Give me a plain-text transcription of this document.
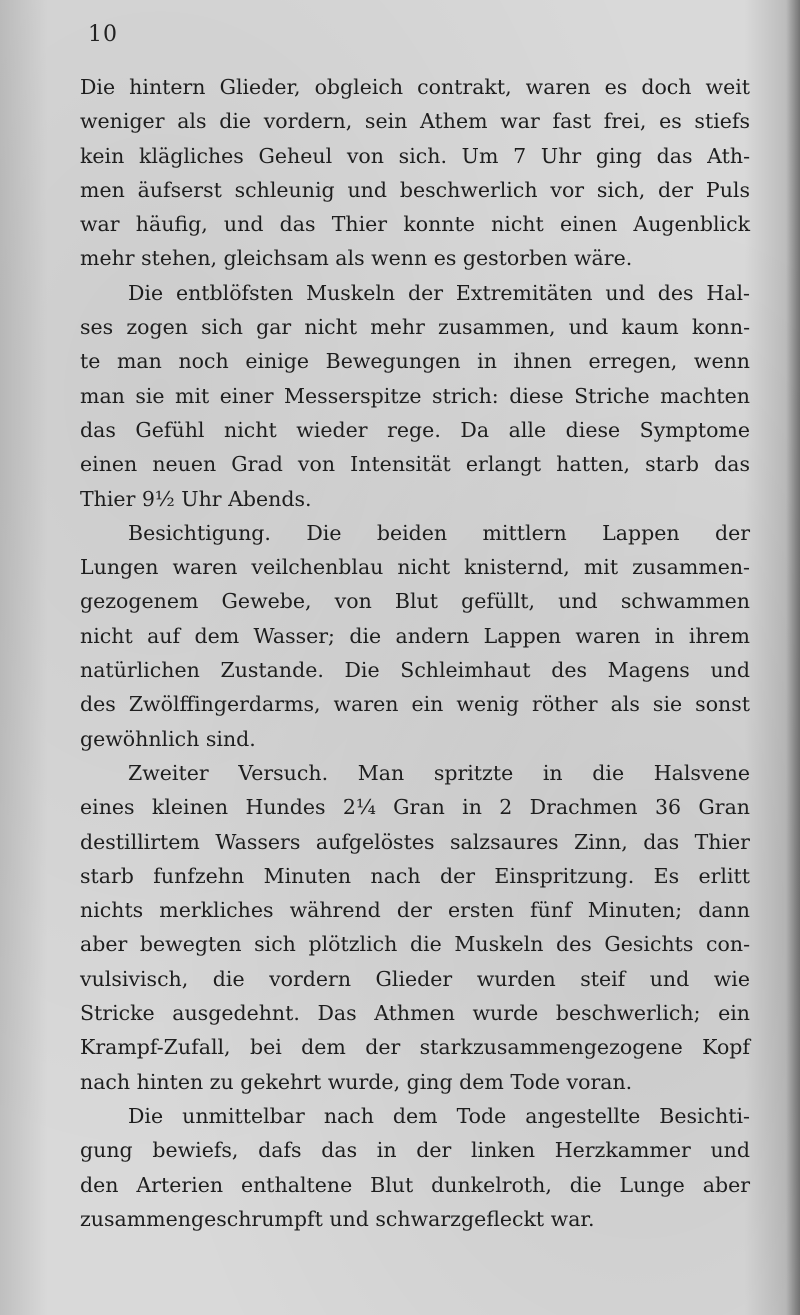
10
Die hintern Glieder, obgleich contrakt, waren es doch weit
weniger als die vordern, sein Athem war fast frei, es stiefs
kein klägliches Geheul von sich. Um 7 Uhr ging das Ath-
men äufserst schleunig und beschwerlich vor sich, der Puls
war häufig, und das Thier konnte nicht einen Augenblick
mehr stehen, gleichsam als wenn es gestorben wäre.
Die entblöfsten Muskeln der Extremitäten und des Hal-
ses zogen sich gar nicht mehr zusammen, und kaum konn-
te man noch einige Bewegungen in ihnen erregen, wenn
man sie mit einer Messerspitze strich: diese Striche machten
das Gefühl nicht wieder rege. Da alle diese Symptome
einen neuen Grad von Intensität erlangt hatten, starb das
Thier 9½ Uhr Abends.
Besichtigung. Die beiden mittlern Lappen der
Lungen waren veilchenblau nicht knisternd, mit zusammen-
gezogenem Gewebe, von Blut gefüllt, und schwammen
nicht auf dem Wasser; die andern Lappen waren in ihrem
natürlichen Zustande. Die Schleimhaut des Magens und
des Zwölffingerdarms, waren ein wenig röther als sie sonst
gewöhnlich sind.
Zweiter Versuch. Man spritzte in die Halsvene
eines kleinen Hundes 2¼ Gran in 2 Drachmen 36 Gran
destillirtem Wassers aufgelöstes salzsaures Zinn, das Thier
starb funfzehn Minuten nach der Einspritzung. Es erlitt
nichts merkliches während der ersten fünf Minuten; dann
aber bewegten sich plötzlich die Muskeln des Gesichts con-
vulsivisch, die vordern Glieder wurden steif und wie
Stricke ausgedehnt. Das Athmen wurde beschwerlich; ein
Krampf-Zufall, bei dem der starkzusammengezogene Kopf
nach hinten zu gekehrt wurde, ging dem Tode voran.
Die unmittelbar nach dem Tode angestellte Besichti-
gung bewiefs, dafs das in der linken Herzkammer und
den Arterien enthaltene Blut dunkelroth, die Lunge aber
zusammengeschrumpft und schwarzgefleckt war.
